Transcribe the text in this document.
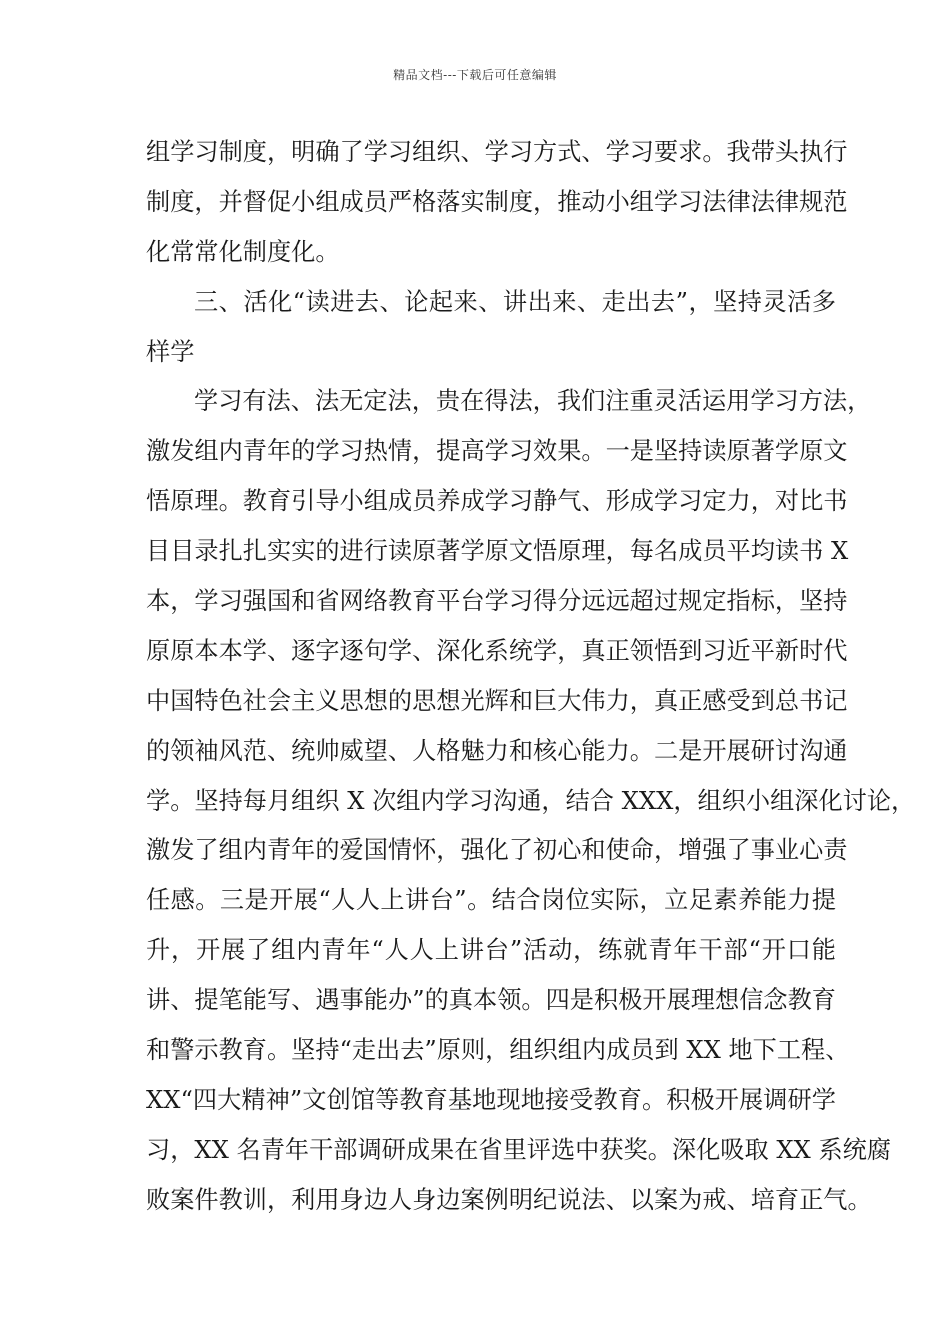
精品文档---下载后可任意编辑
组学习制度，明确了学习组织、学习方式、学习要求。我带头执行
制度，并督促小组成员严格落实制度，推动小组学习法律法律规范
化常常化制度化。
三、活化“读进去、论起来、讲出来、走出去”，坚持灵活多
样学
学习有法、法无定法，贵在得法，我们注重灵活运用学习方法，
激发组内青年的学习热情，提高学习效果。一是坚持读原著学原文
悟原理。教育引导小组成员养成学习静气、形成学习定力，对比书
目目录扎扎实实的进行读原著学原文悟原理，每名成员平均读书 X
本，学习强国和省网络教育平台学习得分远远超过规定指标，坚持
原原本本学、逐字逐句学、深化系统学，真正领悟到习近平新时代
中国特色社会主义思想的思想光辉和巨大伟力，真正感受到总书记
的领袖风范、统帅威望、人格魅力和核心能力。二是开展研讨沟通
学。坚持每月组织 X 次组内学习沟通，结合 XXX，组织小组深化讨论，
激发了组内青年的爱国情怀，强化了初心和使命，增强了事业心责
任感。三是开展“人人上讲台”。结合岗位实际，立足素养能力提
升，开展了组内青年“人人上讲台”活动，练就青年干部“开口能
讲、提笔能写、遇事能办”的真本领。四是积极开展理想信念教育
和警示教育。坚持“走出去”原则，组织组内成员到 XX 地下工程、
XX“四大精神”文创馆等教育基地现地接受教育。积极开展调研学
习，XX 名青年干部调研成果在省里评选中获奖。深化吸取 XX 系统腐
败案件教训，利用身边人身边案例明纪说法、以案为戒、培育正气。
